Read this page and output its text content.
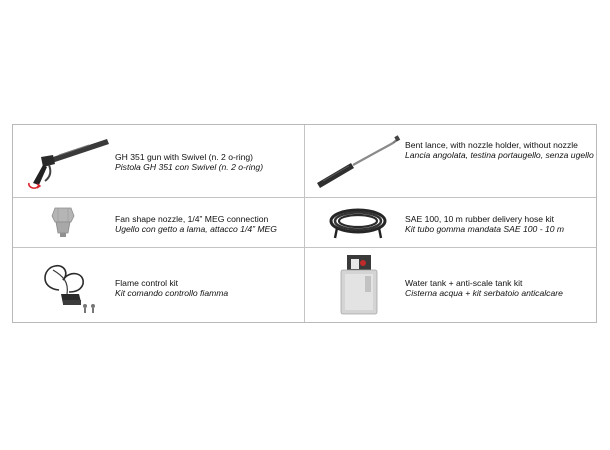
GH 351 gun with Swivel (n. 2 o-ring)
Pistola GH 351 con Swivel (n. 2 o-ring)
Bent lance, with nozzle holder, without nozzle
Lancia angolata, testina portaugello, senza ugello
Fan shape nozzle, 1/4” MEG connection
Ugello con getto a lama, attacco 1/4” MEG
SAE 100, 10 m rubber delivery hose kit
Kit tubo gomma mandata SAE 100 - 10 m
Flame control kit
Kit comando controllo fiamma
Water tank + anti-scale tank kit
Cisterna acqua + kit serbatoio anticalcare
